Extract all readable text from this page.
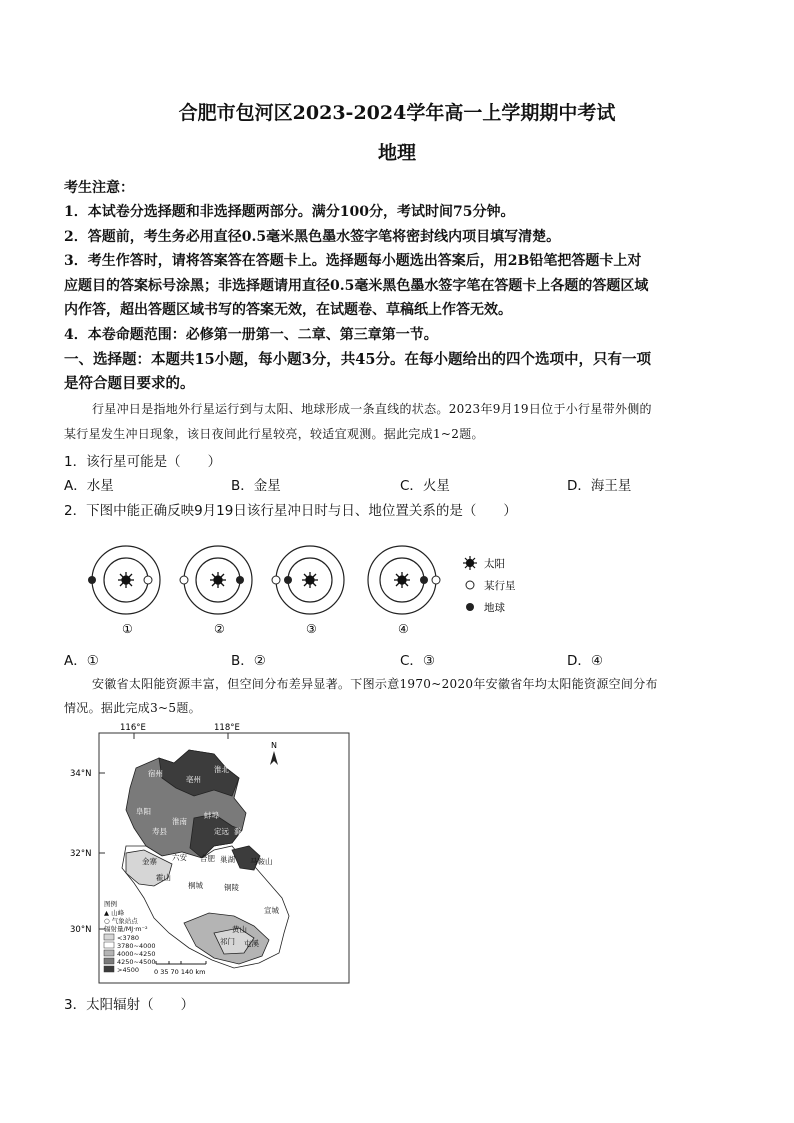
合肥市包河区2023-2024学年高一上学期期中考试
地理
考生注意：
1．本试卷分选择题和非选择题两部分。满分100分，考试时间75分钟。
2．答题前，考生务必用直径0.5毫米黑色墨水签字笔将密封线内项目填写清楚。
3．考生作答时，请将答案答在答题卡上。选择题每小题选出答案后，用2B铅笔把答题卡上对
应题目的答案标号涂黑；非选择题请用直径0.5毫米黑色墨水签字笔在答题卡上各题的答题区域
内作答，超出答题区域书写的答案无效，在试题卷、草稿纸上作答无效。
4．本卷命题范围：必修第一册第一、二章、第三章第一节。
一、选择题：本题共15小题，每小题3分，共45分。在每小题给出的四个选项中，只有一项
是符合题目要求的。
行星冲日是指地外行星运行到与太阳、地球形成一条直线的状态。2023年9月19日位于小行星带外侧的
某行星发生冲日现象，该日夜间此行星较亮，较适宜观测。据此完成1~2题。
1．该行星可能是（　　）
A．水星	B．金星	C．火星	D．海王星
2．下图中能正确反映9月19日该行星冲日时与日、地位置关系的是（　　）
①	②	③	④
太阳
某行星
地球
A．①	B．②	C．③	D．④
安徽省太阳能资源丰富，但空间分布差异显著。下图示意1970~2020年安徽省年均太阳能资源空间分布
情况。据此完成3~5题。
116°E	118°E
34°N
32°N
30°N
N
宿州
亳州
淮北
阜阳	蚌埠
淮南
滁州
寿县	定远
金寨 六安 合肥 巢湖 马鞍山
霍山
桐城	铜陵
宣城
黄山
祁门 屯溪
图例
▲ 山峰
○ 气象站点
辐射量/MJ·m⁻²
<3780
3780~4000
4000~4250
4250~4500
>4500 0 35 70 140 km
3．太阳辐射（　　）
